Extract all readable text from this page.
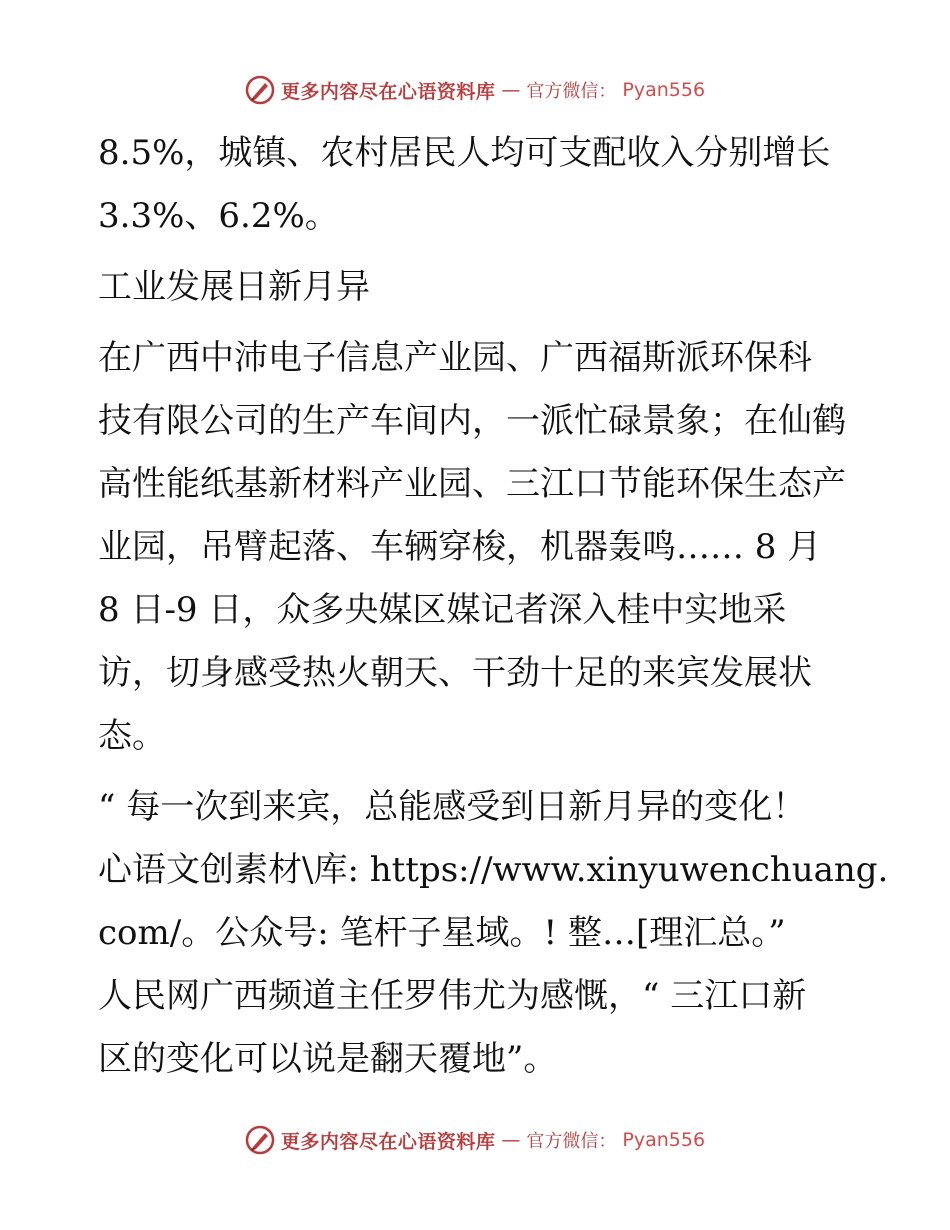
更多内容尽在心语资料库 — 官方微信： Pyan556
8.5%，城镇、农村居民人均可支配收入分别增长
3.3%、6.2%。
工业发展日新月异
在广西中沛电子信息产业园、广西福斯派环保科
技有限公司的生产车间内，一派忙碌景象；在仙鹤
高性能纸基新材料产业园、三江口节能环保生态产
业园，吊臂起落、车辆穿梭，机器轰鸣…… 8 月
8 日-9 日，众多央媒区媒记者深入桂中实地采
访，切身感受热火朝天、干劲十足的来宾发展状
态。
“ 每一次到来宾，总能感受到日新月异的变化！
心语文创素材\库: https://www.xinyuwenchuang.
com/。公众号: 笔杆子星域。! 整…[理汇总。”
人民网广西频道主任罗伟尤为感慨，“ 三江口新
区的变化可以说是翻天覆地”。
更多内容尽在心语资料库 — 官方微信： Pyan556
